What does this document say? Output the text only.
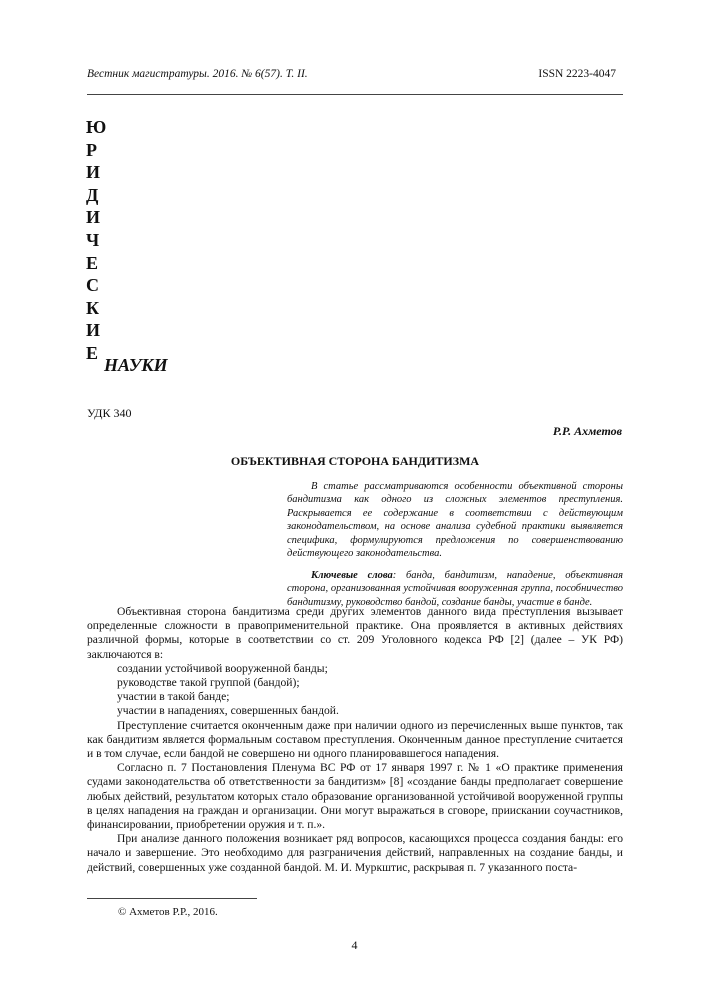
Вестник магистратуры. 2016. № 6(57). Т. II.	ISSN 2223-4047
Ю
Р
И
Д
И
Ч
Е
С
К
И
Е
НАУКИ
УДК 340
Р.Р. Ахметов
ОБЪЕКТИВНАЯ СТОРОНА БАНДИТИЗМА

В статье рассматриваются особенности объективной стороны бандитизма как одного из сложных элементов преступления. Раскрывается ее содержание в соответствии с действующим законодательством, на основе анализа судебной практики выявляется специфика, формулируются предложения по совершенствованию действующего законодательства.

Ключевые слова: банда, бандитизм, нападение, объективная сторона, организованная устойчивая вооруженная группа, пособничество бандитизму, руководство бандой, создание банды, участие в банде.

Объективная сторона бандитизма среди других элементов данного вида преступления вызывает определенные сложности в правоприменительной практике. Она проявляется в активных действиях различной формы, которые в соответствии со ст. 209 Уголовного кодекса РФ [2] (далее – УК РФ) заключаются в:

создании устойчивой вооруженной банды;

руководстве такой группой (бандой);

участии в такой банде;

участии в нападениях, совершенных бандой.

Преступление считается оконченным даже при наличии одного из перечисленных выше пунктов, так как бандитизм является формальным составом преступления. Оконченным данное преступление считается и в том случае, если бандой не совершено ни одного планировавшегося нападения.

Согласно п. 7 Постановления Пленума ВС РФ от 17 января 1997 г. № 1 «О практике применения судами законодательства об ответственности за бандитизм» [8] «создание банды предполагает совершение любых действий, результатом которых стало образование организованной устойчивой вооруженной группы в целях нападения на граждан и организации. Они могут выражаться в сговоре, приискании соучастников, финансировании, приобретении оружия и т. п.».

При анализе данного положения возникает ряд вопросов, касающихся процесса создания банды: его начало и завершение. Это необходимо для разграничения действий, направленных на создание банды, и действий, совершенных уже созданной бандой. М. И. Муркштис, раскрывая п. 7 указанного поста-

© Ахметов Р.Р., 2016.
4
